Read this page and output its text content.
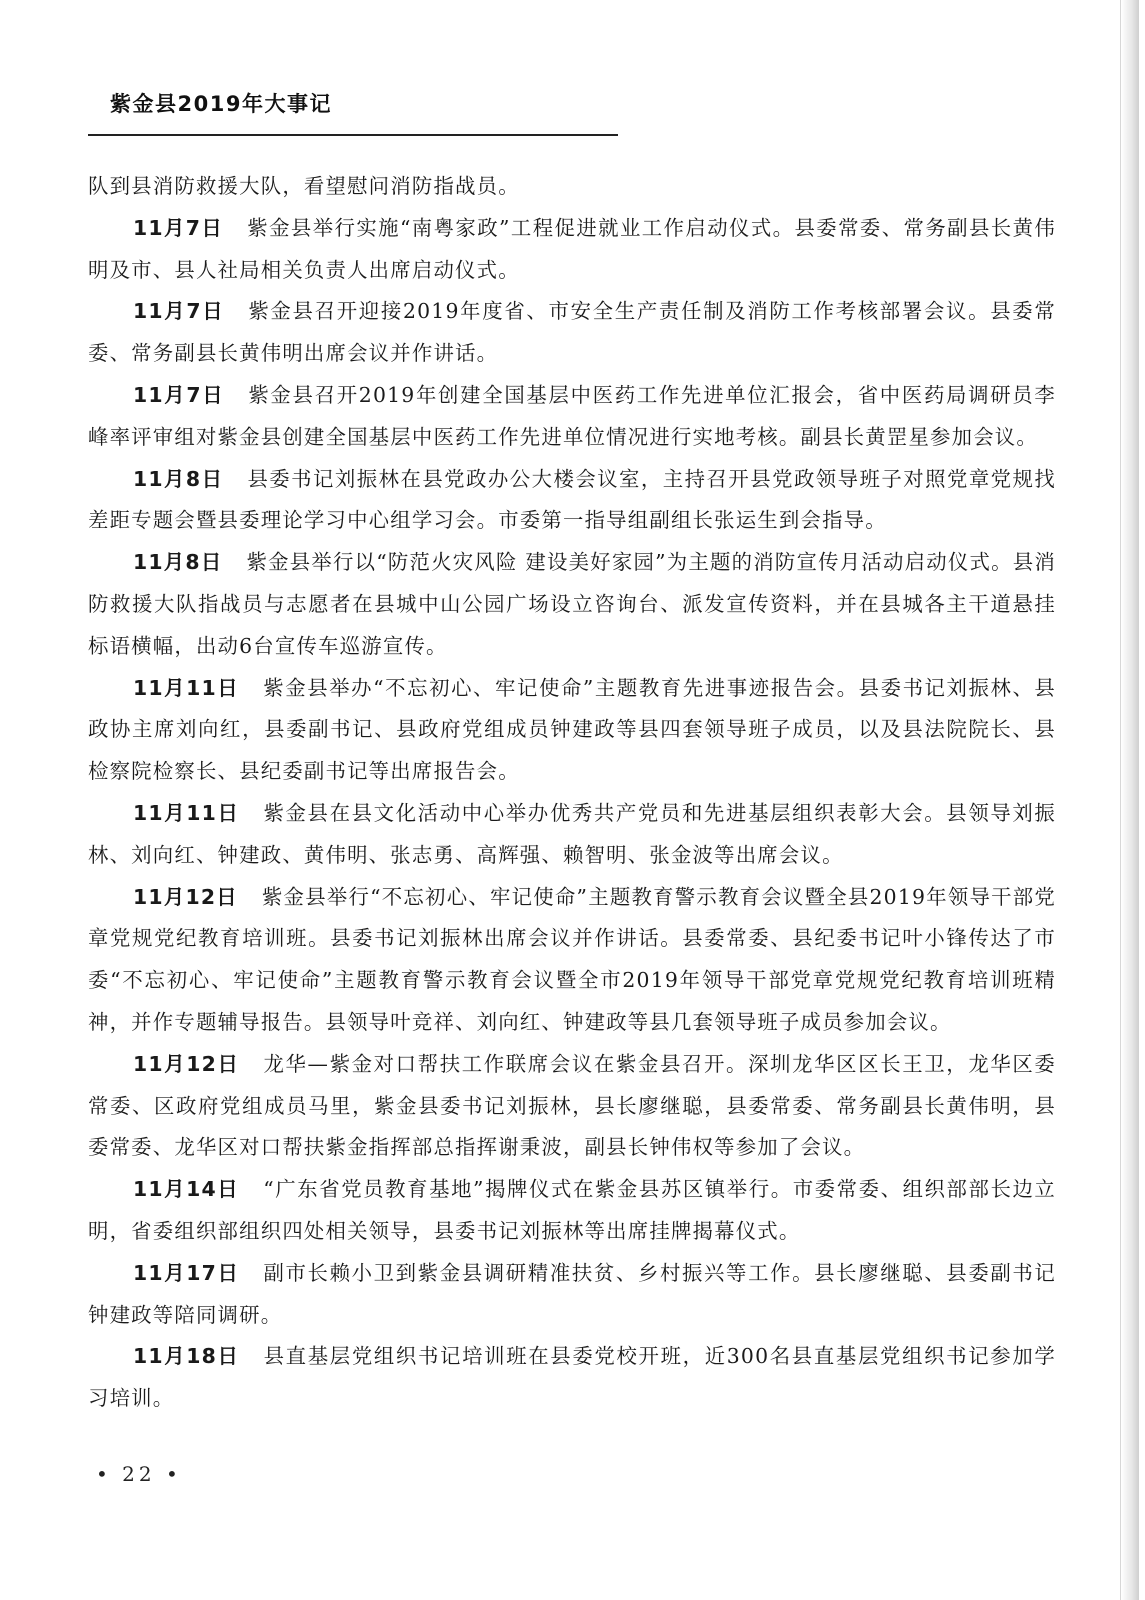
紫金县2019年大事记

队到县消防救援大队，看望慰问消防指战员。

11月7日 紫金县举行实施“南粤家政”工程促进就业工作启动仪式。县委常委、常务副县长黄伟明及市、县人社局相关负责人出席启动仪式。

11月7日 紫金县召开迎接2019年度省、市安全生产责任制及消防工作考核部署会议。县委常委、常务副县长黄伟明出席会议并作讲话。

11月7日 紫金县召开2019年创建全国基层中医药工作先进单位汇报会，省中医药局调研员李峰率评审组对紫金县创建全国基层中医药工作先进单位情况进行实地考核。副县长黄罡星参加会议。

11月8日 县委书记刘振林在县党政办公大楼会议室，主持召开县党政领导班子对照党章党规找差距专题会暨县委理论学习中心组学习会。市委第一指导组副组长张运生到会指导。

11月8日 紫金县举行以“防范火灾风险 建设美好家园”为主题的消防宣传月活动启动仪式。县消防救援大队指战员与志愿者在县城中山公园广场设立咨询台、派发宣传资料，并在县城各主干道悬挂标语横幅，出动6台宣传车巡游宣传。

11月11日 紫金县举办“不忘初心、牢记使命”主题教育先进事迹报告会。县委书记刘振林、县政协主席刘向红，县委副书记、县政府党组成员钟建政等县四套领导班子成员，以及县法院院长、县检察院检察长、县纪委副书记等出席报告会。

11月11日 紫金县在县文化活动中心举办优秀共产党员和先进基层组织表彰大会。县领导刘振林、刘向红、钟建政、黄伟明、张志勇、高辉强、赖智明、张金波等出席会议。

11月12日 紫金县举行“不忘初心、牢记使命”主题教育警示教育会议暨全县2019年领导干部党章党规党纪教育培训班。县委书记刘振林出席会议并作讲话。县委常委、县纪委书记叶小锋传达了市委“不忘初心、牢记使命”主题教育警示教育会议暨全市2019年领导干部党章党规党纪教育培训班精神，并作专题辅导报告。县领导叶竞祥、刘向红、钟建政等县几套领导班子成员参加会议。

11月12日 龙华—紫金对口帮扶工作联席会议在紫金县召开。深圳龙华区区长王卫，龙华区委常委、区政府党组成员马里，紫金县委书记刘振林，县长廖继聪，县委常委、常务副县长黄伟明，县委常委、龙华区对口帮扶紫金指挥部总指挥谢秉波，副县长钟伟权等参加了会议。

11月14日 “广东省党员教育基地”揭牌仪式在紫金县苏区镇举行。市委常委、组织部部长边立明，省委组织部组织四处相关领导，县委书记刘振林等出席挂牌揭幕仪式。

11月17日 副市长赖小卫到紫金县调研精准扶贫、乡村振兴等工作。县长廖继聪、县委副书记钟建政等陪同调研。

11月18日 县直基层党组织书记培训班在县委党校开班，近300名县直基层党组织书记参加学习培训。

• 22 •
